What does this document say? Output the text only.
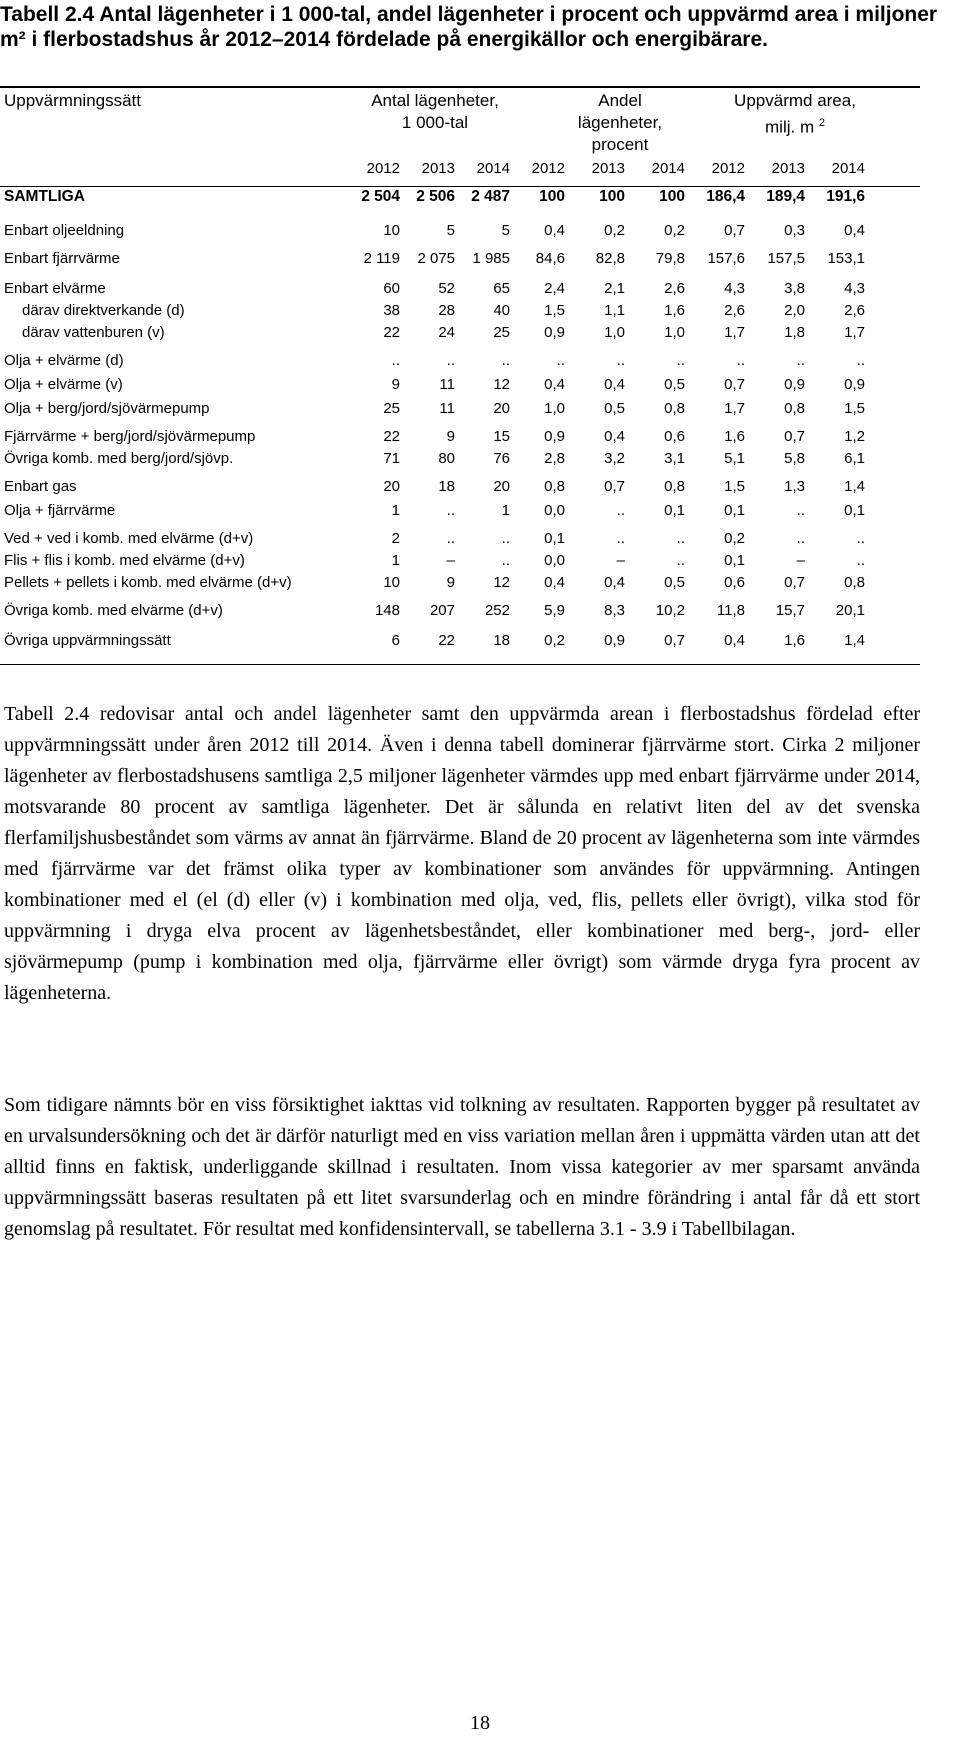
Tabell 2.4 Antal lägenheter i 1 000-tal, andel lägenheter i procent och uppvärmd area i miljoner m² i flerbostadshus år 2012–2014 fördelade på energikällor och energibärare.
Uppvärmningssätt	Antal lägenheter,
1 000-tal
Andel
lägenheter,
procent
Uppvärmd area,
milj. m $^2$
2012	2013	2014	2012	2013	2014	2012	2013	2014
SAMTLIGA	2 504	2 506	2 487	100	100	100	186,4	189,4	191,6
Enbart oljeeldning	10	5	5	0,4	0,2	0,2	0,7	0,3	0,4
Enbart fjärrvärme	2 119	2 075	1 985	84,6	82,8	79,8	157,6	157,5	153,1
Enbart elvärme	60	52	65	2,4	2,1	2,6	4,3	3,8	4,3
därav direktverkande (d)	38	28	40	1,5	1,1	1,6	2,6	2,0	2,6
därav vattenburen (v)	22	24	25	0,9	1,0	1,0	1,7	1,8	1,7
Olja + elvärme (d)	..	..	..	..	..	..	..	..	..
Olja + elvärme (v)	9	11	12	0,4	0,4	0,5	0,7	0,9	0,9
Olja + berg/jord/sjövärmepump	25	11	20	1,0	0,5	0,8	1,7	0,8	1,5
Fjärrvärme + berg/jord/sjövärmepump	22	9	15	0,9	0,4	0,6	1,6	0,7	1,2
Övriga komb. med berg/jord/sjövp.	71	80	76	2,8	3,2	3,1	5,1	5,8	6,1
Enbart gas	20	18	20	0,8	0,7	0,8	1,5	1,3	1,4
Olja + fjärrvärme	1	..	1	0,0	..	0,1	0,1	..	0,1
Ved + ved i komb. med elvärme (d+v)	2	..	..	0,1	..	..	0,2	..	..
Flis + flis i komb. med elvärme (d+v)	1	–	..	0,0	–	..	0,1	–	..
Pellets + pellets i komb. med elvärme (d+v)	10	9	12	0,4	0,4	0,5	0,6	0,7	0,8
Övriga komb. med elvärme (d+v)	148	207	252	5,9	8,3	10,2	11,8	15,7	20,1
Övriga uppvärmningssätt	6	22	18	0,2	0,9	0,7	0,4	1,6	1,4
Tabell 2.4 redovisar antal och andel lägenheter samt den uppvärmda arean i flerbostadshus fördelad efter uppvärmningssätt under åren 2012 till 2014. Även i denna tabell dominerar fjärrvärme stort. Cirka 2 miljoner lägenheter av flerbostadshusens samtliga 2,5 miljoner lägenheter värmdes upp med enbart fjärrvärme under 2014, motsvarande 80 procent av samtliga lägenheter. Det är sålunda en relativt liten del av det svenska flerfamiljshusbeståndet som värms av annat än fjärrvärme. Bland de 20 procent av lägenheterna som inte värmdes med fjärrvärme var det främst olika typer av kombinationer som användes för uppvärmning. Antingen kombinationer med el (el (d) eller (v) i kombination med olja, ved, flis, pellets eller övrigt), vilka stod för uppvärmning i dryga elva procent av lägenhetsbeståndet, eller kombinationer med berg-, jord- eller sjövärmepump (pump i kombination med olja, fjärrvärme eller övrigt) som värmde dryga fyra procent av lägenheterna.
Som tidigare nämnts bör en viss försiktighet iakttas vid tolkning av resultaten. Rapporten bygger på resultatet av en urvalsundersökning och det är därför naturligt med en viss variation mellan åren i uppmätta värden utan att det alltid finns en faktisk, underliggande skillnad i resultaten. Inom vissa kategorier av mer sparsamt använda uppvärmningssätt baseras resultaten på ett litet svarsunderlag och en mindre förändring i antal får då ett stort genomslag på resultatet. För resultat med konfidensintervall, se tabellerna 3.1 - 3.9 i Tabellbilagan.
18
